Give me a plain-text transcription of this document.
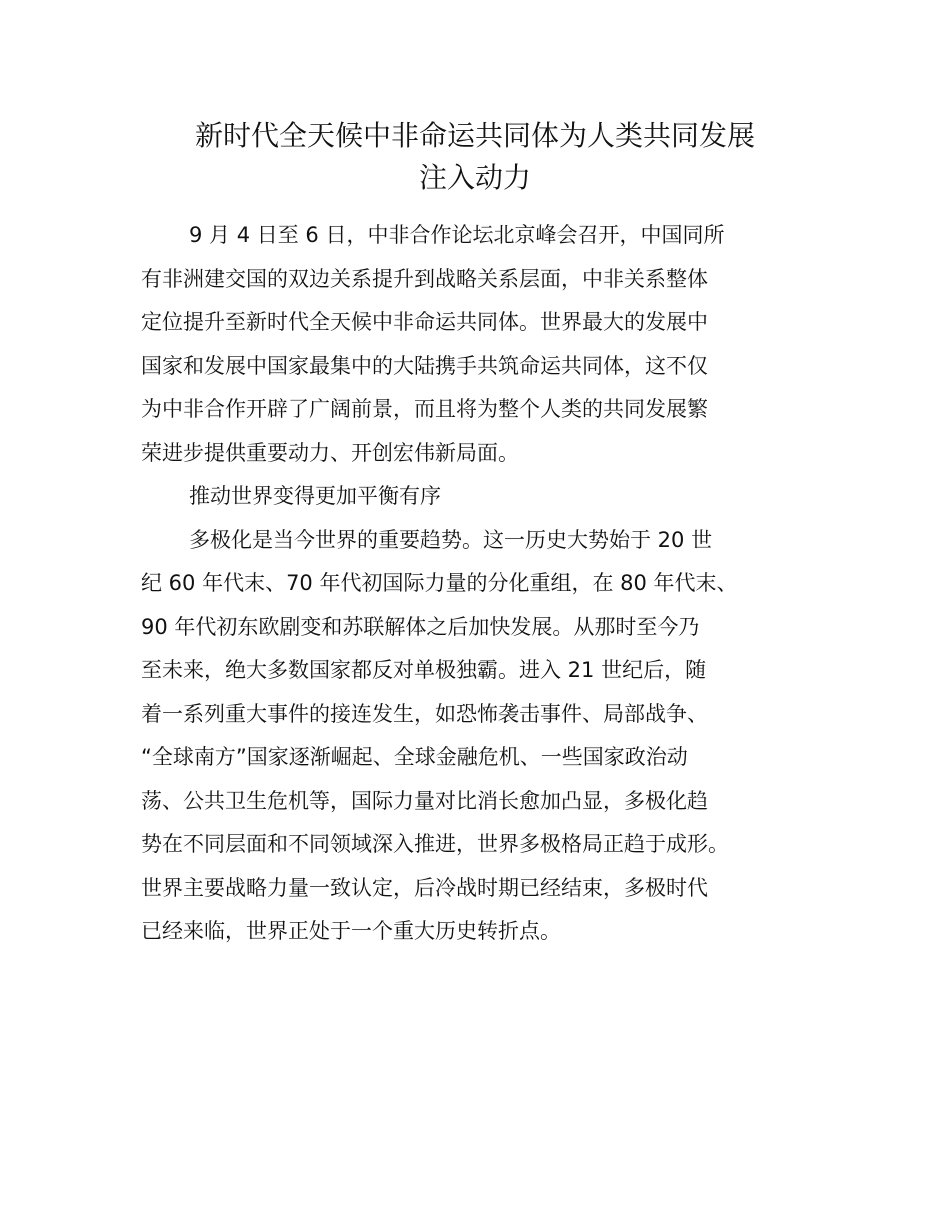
新时代全天候中非命运共同体为人类共同发展
注入动力
9 月 4 日至 6 日，中非合作论坛北京峰会召开，中国同所
有非洲建交国的双边关系提升到战略关系层面，中非关系整体
定位提升至新时代全天候中非命运共同体。世界最大的发展中
国家和发展中国家最集中的大陆携手共筑命运共同体，这不仅
为中非合作开辟了广阔前景，而且将为整个人类的共同发展繁
荣进步提供重要动力、开创宏伟新局面。
推动世界变得更加平衡有序
多极化是当今世界的重要趋势。这一历史大势始于 20 世
纪 60 年代末、70 年代初国际力量的分化重组，在 80 年代末、
90 年代初东欧剧变和苏联解体之后加快发展。从那时至今乃
至未来，绝大多数国家都反对单极独霸。进入 21 世纪后，随
着一系列重大事件的接连发生，如恐怖袭击事件、局部战争、
“全球南方”国家逐渐崛起、全球金融危机、一些国家政治动
荡、公共卫生危机等，国际力量对比消长愈加凸显，多极化趋
势在不同层面和不同领域深入推进，世界多极格局正趋于成形。
世界主要战略力量一致认定，后冷战时期已经结束，多极时代
已经来临，世界正处于一个重大历史转折点。
